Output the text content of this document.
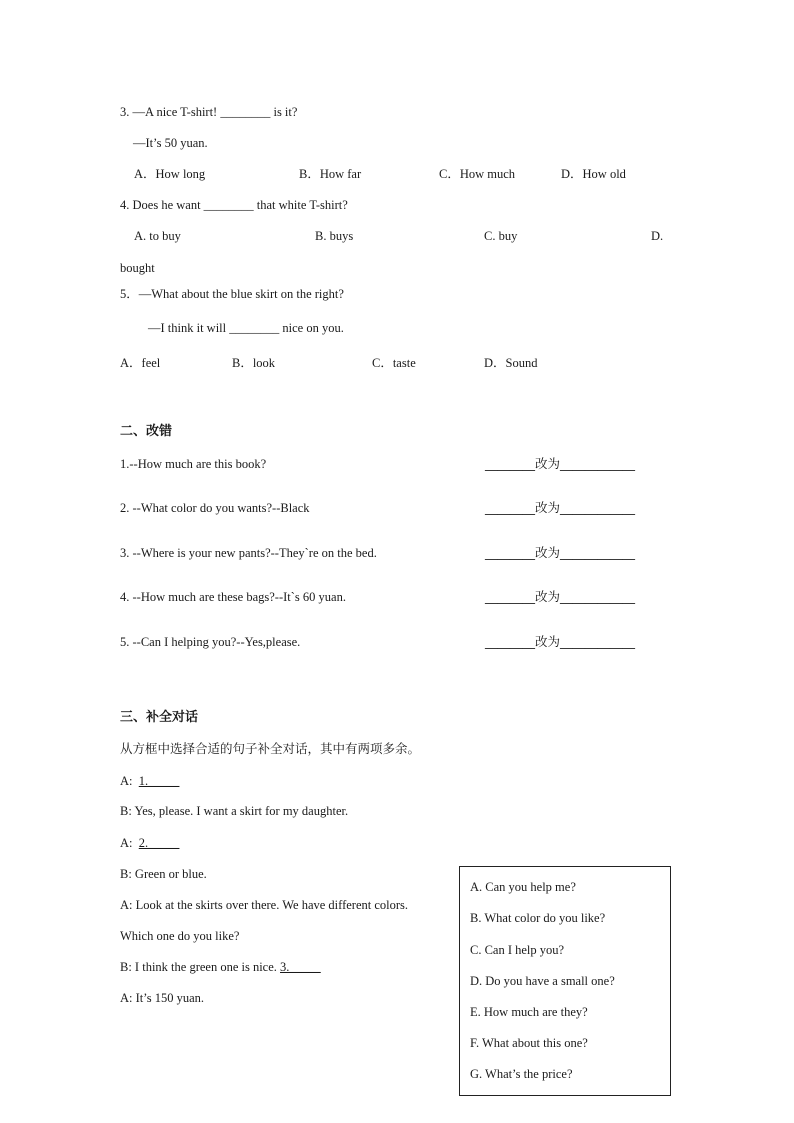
3. —A nice T-shirt! ________ is it?
—It’s 50 yuan.
A．How long	B．How far	C．How much	D．How old
4. Does he want ________ that white T-shirt?
A. to buy	B. buys	C. buy	D.
bought
5．—What about the blue skirt on the right?
—I think it will ________ nice on you.
A．feel	B．look	C．taste	D．Sound
二、改错
1.--How much are this book?	________改为____________
2. --What color do you wants?--Black	________改为____________
3. --Where is your new pants?--They`re on the bed.	________改为____________
4. --How much are these bags?--It`s 60 yuan.	________改为____________
5. --Can I helping you?--Yes,please.	________改为____________
三、补全对话
从方框中选择合适的句子补全对话，其中有两项多余。
A: 1._____
B: Yes, please. I want a skirt for my daughter.
A: 2._____
B: Green or blue.
A: Look at the skirts over there. We have different colors.
Which one do you like?
B: I think the green one is nice. 3._____
A: It’s 150 yuan.
A. Can you help me?
B. What color do you like?
C. Can I help you?
D. Do you have a small one?
E. How much are they?
F. What about this one?
G. What’s the price?
